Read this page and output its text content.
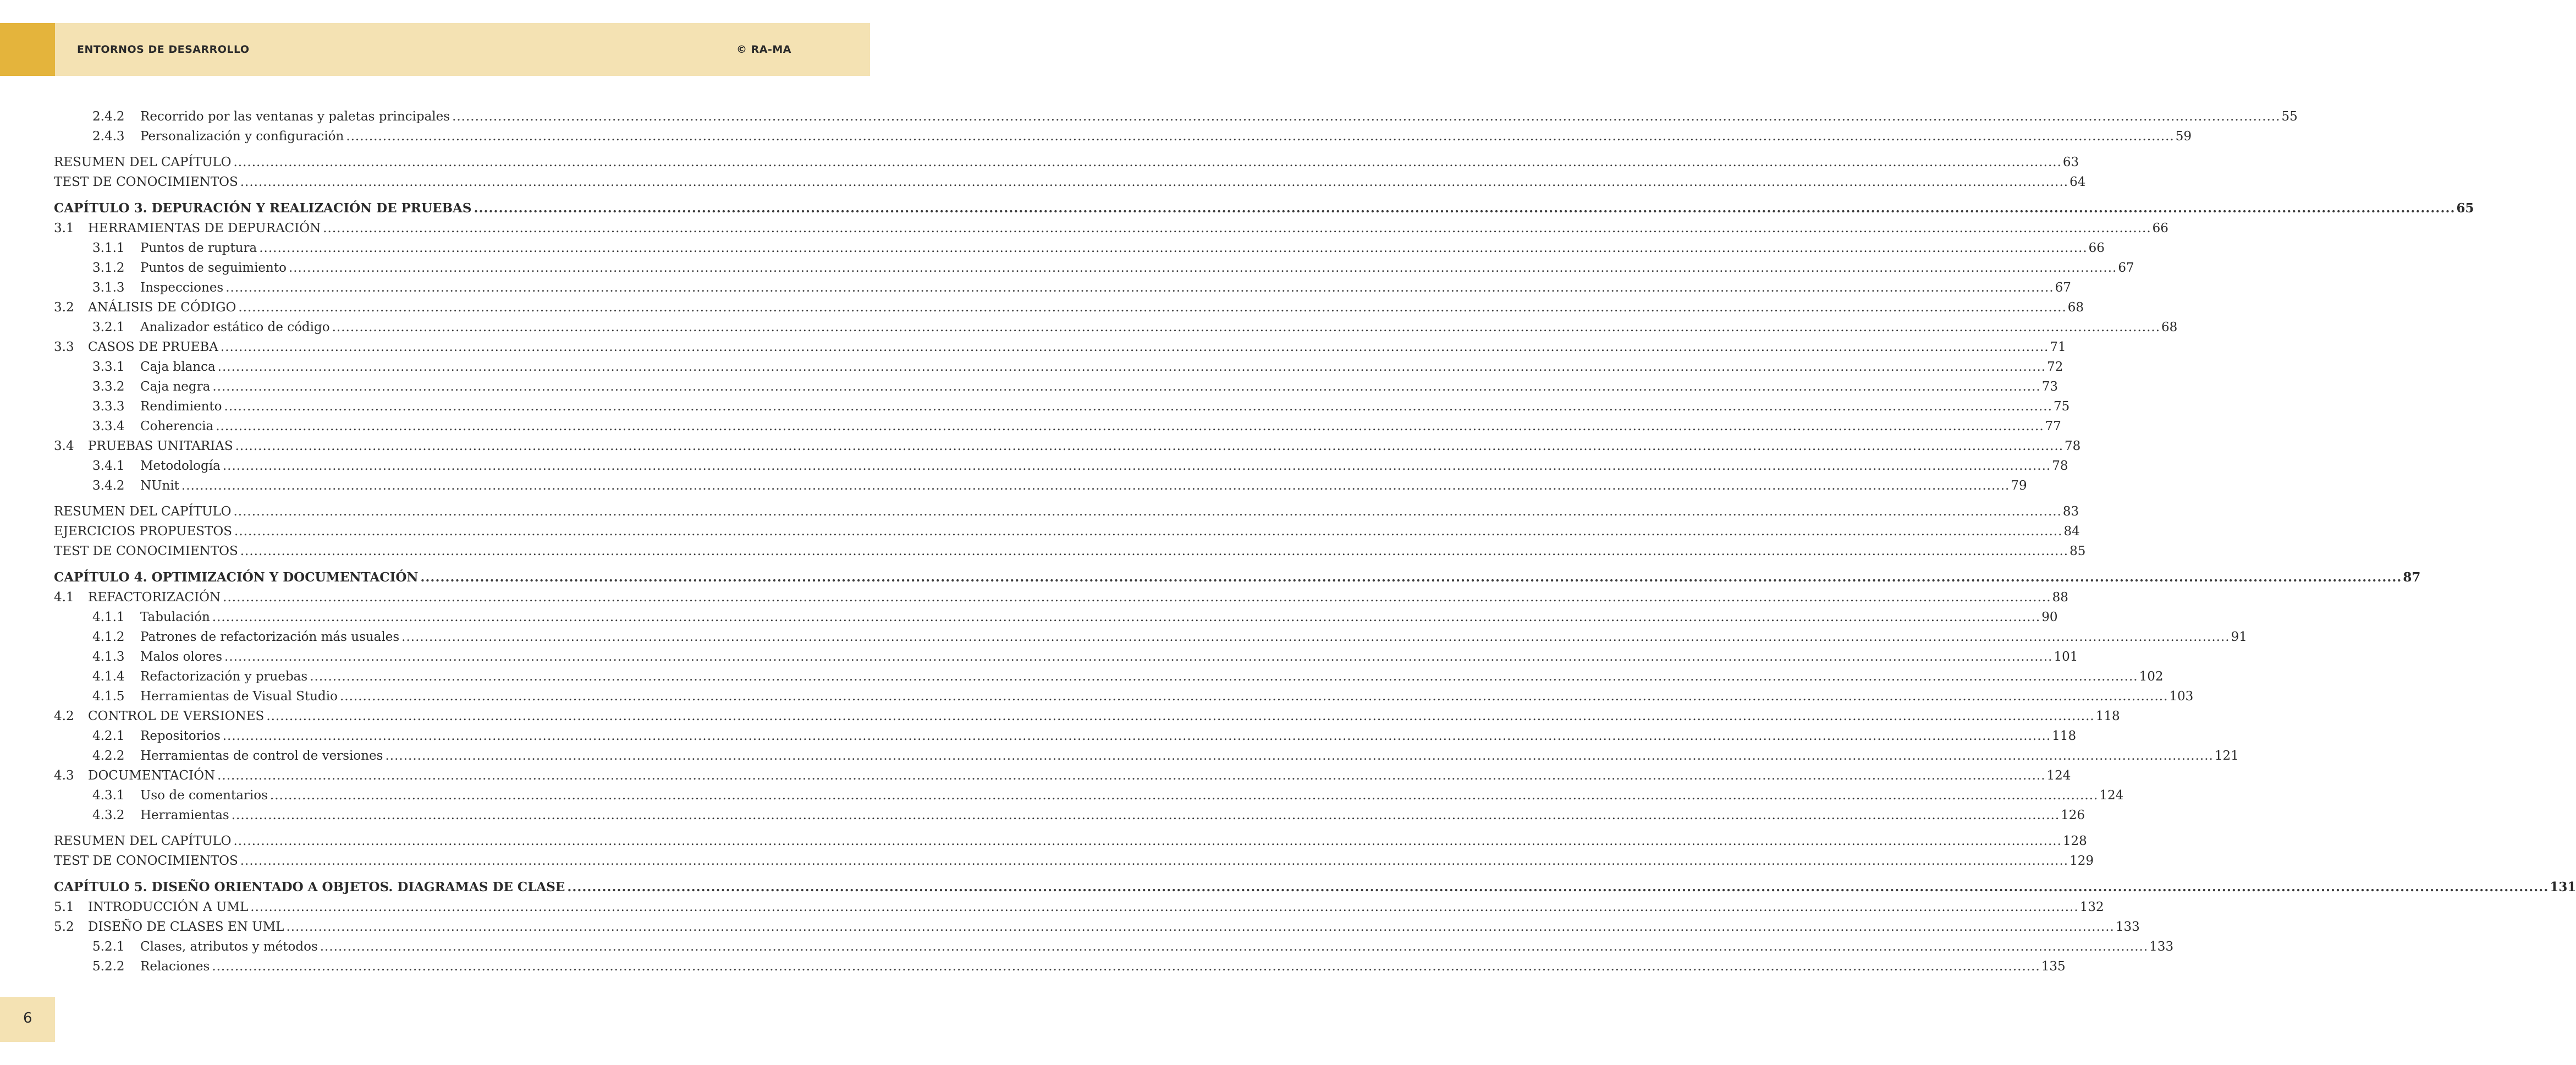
ENTORNOS DE DESARROLLO	© RA-MA
2.4.2 Recorrido por las ventanas y paletas principales ................................................................................................................................................................................................................................................................................................................................................................................................................ 55
2.4.3 Personalización y configuración ................................................................................................................................................................................................................................................................................................................................................................................................................ 59
RESUMEN DEL CAPÍTULO ................................................................................................................................................................................................................................................................................................................................................................................................................ 63
TEST DE CONOCIMIENTOS ................................................................................................................................................................................................................................................................................................................................................................................................................ 64
CAPÍTULO 3. DEPURACIÓN Y REALIZACIÓN DE PRUEBAS ................................................................................................................................................................................................................................................................................................................................................................................................................ 65
3.1 HERRAMIENTAS DE DEPURACIÓN ................................................................................................................................................................................................................................................................................................................................................................................................................ 66
3.1.1 Puntos de ruptura ................................................................................................................................................................................................................................................................................................................................................................................................................ 66
3.1.2 Puntos de seguimiento ................................................................................................................................................................................................................................................................................................................................................................................................................ 67
3.1.3 Inspecciones ................................................................................................................................................................................................................................................................................................................................................................................................................ 67
3.2 ANÁLISIS DE CÓDIGO ................................................................................................................................................................................................................................................................................................................................................................................................................ 68
3.2.1 Analizador estático de código ................................................................................................................................................................................................................................................................................................................................................................................................................ 68
3.3 CASOS DE PRUEBA ................................................................................................................................................................................................................................................................................................................................................................................................................ 71
3.3.1 Caja blanca ................................................................................................................................................................................................................................................................................................................................................................................................................ 72
3.3.2 Caja negra ................................................................................................................................................................................................................................................................................................................................................................................................................ 73
3.3.3 Rendimiento ................................................................................................................................................................................................................................................................................................................................................................................................................ 75
3.3.4 Coherencia ................................................................................................................................................................................................................................................................................................................................................................................................................ 77
3.4 PRUEBAS UNITARIAS ................................................................................................................................................................................................................................................................................................................................................................................................................ 78
3.4.1 Metodología ................................................................................................................................................................................................................................................................................................................................................................................................................ 78
3.4.2 NUnit ................................................................................................................................................................................................................................................................................................................................................................................................................ 79
RESUMEN DEL CAPÍTULO ................................................................................................................................................................................................................................................................................................................................................................................................................ 83
EJERCICIOS PROPUESTOS ................................................................................................................................................................................................................................................................................................................................................................................................................ 84
TEST DE CONOCIMIENTOS ................................................................................................................................................................................................................................................................................................................................................................................................................ 85
CAPÍTULO 4. OPTIMIZACIÓN Y DOCUMENTACIÓN ................................................................................................................................................................................................................................................................................................................................................................................................................ 87
4.1 REFACTORIZACIÓN ................................................................................................................................................................................................................................................................................................................................................................................................................ 88
4.1.1 Tabulación ................................................................................................................................................................................................................................................................................................................................................................................................................ 90
4.1.2 Patrones de refactorización más usuales ................................................................................................................................................................................................................................................................................................................................................................................................................ 91
4.1.3 Malos olores ................................................................................................................................................................................................................................................................................................................................................................................................................ 101
4.1.4 Refactorización y pruebas ................................................................................................................................................................................................................................................................................................................................................................................................................ 102
4.1.5 Herramientas de Visual Studio ................................................................................................................................................................................................................................................................................................................................................................................................................ 103
4.2 CONTROL DE VERSIONES ................................................................................................................................................................................................................................................................................................................................................................................................................ 118
4.2.1 Repositorios ................................................................................................................................................................................................................................................................................................................................................................................................................ 118
4.2.2 Herramientas de control de versiones ................................................................................................................................................................................................................................................................................................................................................................................................................ 121
4.3 DOCUMENTACIÓN ................................................................................................................................................................................................................................................................................................................................................................................................................ 124
4.3.1 Uso de comentarios ................................................................................................................................................................................................................................................................................................................................................................................................................ 124
4.3.2 Herramientas ................................................................................................................................................................................................................................................................................................................................................................................................................ 126
RESUMEN DEL CAPÍTULO ................................................................................................................................................................................................................................................................................................................................................................................................................ 128
TEST DE CONOCIMIENTOS ................................................................................................................................................................................................................................................................................................................................................................................................................ 129
CAPÍTULO 5. DISEÑO ORIENTADO A OBJETOS. DIAGRAMAS DE CLASE ................................................................................................................................................................................................................................................................................................................................................................................................................ 131
5.1 INTRODUCCIÓN A UML ................................................................................................................................................................................................................................................................................................................................................................................................................ 132
5.2 DISEÑO DE CLASES EN UML ................................................................................................................................................................................................................................................................................................................................................................................................................ 133
5.2.1 Clases, atributos y métodos ................................................................................................................................................................................................................................................................................................................................................................................................................ 133
5.2.2 Relaciones ................................................................................................................................................................................................................................................................................................................................................................................................................ 135
6
